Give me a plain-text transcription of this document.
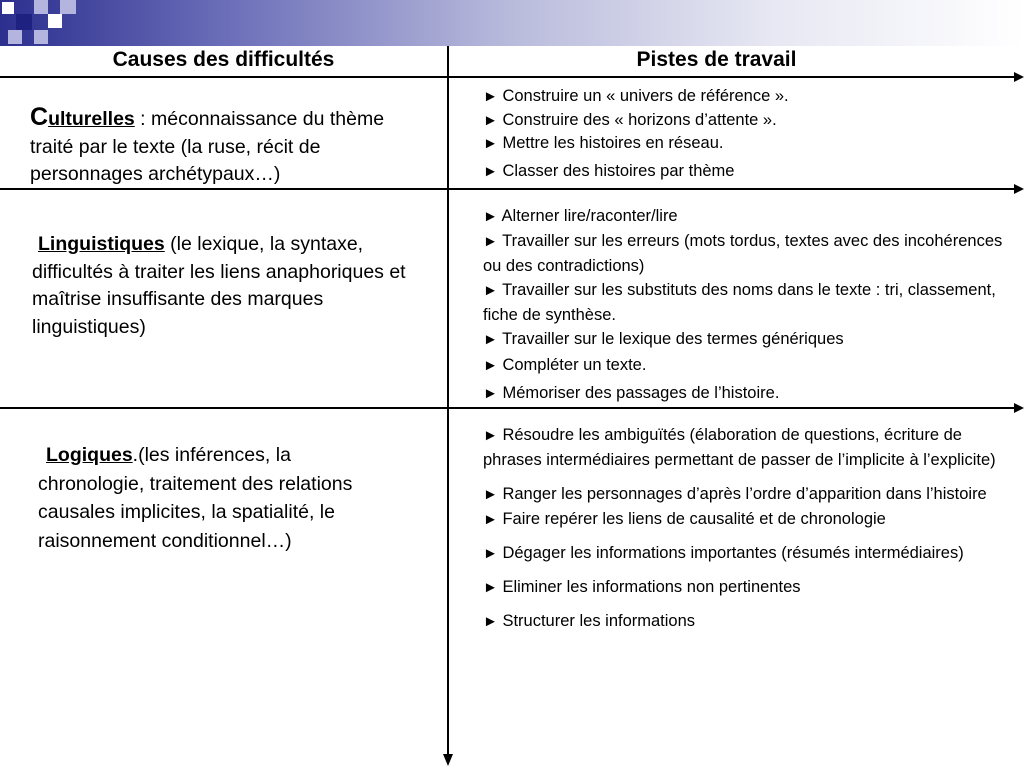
Causes des difficultés	Pistes de travail
Culturelles : méconnaissance du thème traité par le texte (la ruse, récit de personnages archétypaux…)

► Construire un « univers de référence ».

► Construire des « horizons d’attente ».

► Mettre les histoires en réseau.

► Classer des histoires par thème

Linguistiques (le lexique, la syntaxe, difficultés à traiter les liens anaphoriques et maîtrise insuffisante des marques linguistiques)

► Alterner lire/raconter/lire

► Travailler sur les erreurs (mots tordus, textes avec des incohérences ou des contradictions)

► Travailler sur les substituts des noms dans le texte : tri, classement, fiche de synthèse.

► Travailler sur le lexique des termes génériques

► Compléter un texte.

► Mémoriser des passages de l’histoire.

Logiques.(les inférences, la chronologie, traitement des relations causales implicites, la spatialité, le raisonnement conditionnel…)

► Résoudre les ambiguïtés (élaboration de questions, écriture de phrases intermédiaires permettant de passer de l’implicite à l’explicite)

► Ranger les personnages d’après l’ordre d’apparition dans l’histoire

► Faire repérer les liens de causalité et de chronologie

► Dégager les informations importantes (résumés intermédiaires)

► Eliminer les informations non pertinentes

► Structurer les informations
